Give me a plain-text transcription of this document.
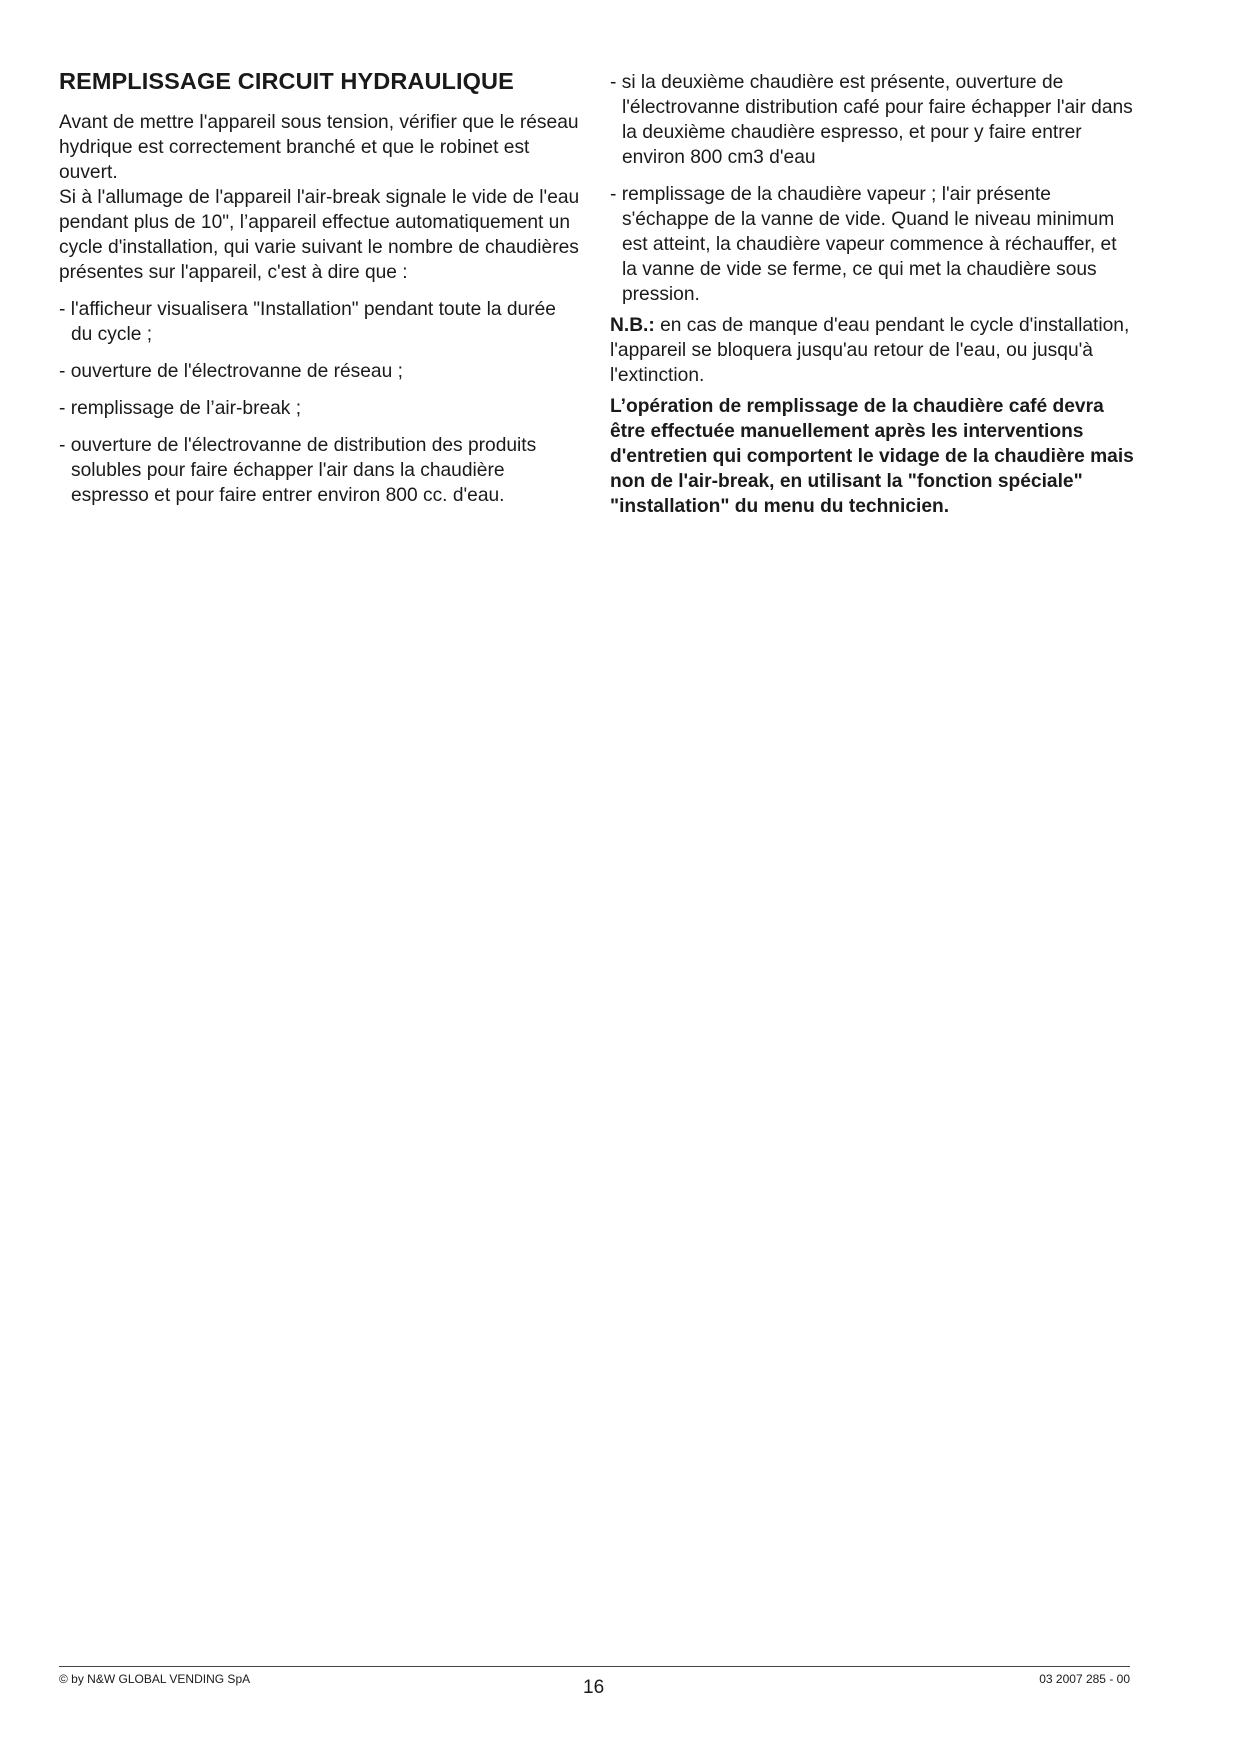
REMPLISSAGE CIRCUIT HYDRAULIQUE

Avant de mettre l'appareil sous tension, vérifier que le réseau hydrique est correctement branché et que le robinet est ouvert.

Si à l'allumage de l'appareil l'air-break signale le vide de l'eau pendant plus de 10", l’appareil effectue automatiquement un cycle d'installation, qui varie suivant le nombre de chaudières présentes sur l'appareil, c'est à dire que :

- l'afficheur visualisera "Installation" pendant toute la durée du cycle ;

- ouverture de l'électrovanne de réseau ;

- remplissage de l’air-break ;

- ouverture de l'électrovanne de distribution des produits solubles pour faire échapper l'air dans la chaudière espresso et pour faire entrer environ 800 cc. d'eau.

- si la deuxième chaudière est présente, ouverture de l'électrovanne distribution café pour faire échapper l'air dans la deuxième chaudière espresso, et pour y faire entrer environ 800 cm3 d'eau

- remplissage de la chaudière vapeur ; l'air présente s'échappe de la vanne de vide. Quand le niveau minimum est atteint, la chaudière vapeur commence à réchauffer, et la vanne de vide se ferme, ce qui met la chaudière sous pression.

N.B.: en cas de manque d'eau pendant le cycle d'installation, l'appareil se bloquera jusqu'au retour de l'eau, ou jusqu'à l'extinction.

L’opération de remplissage de la chaudière café devra être effectuée manuellement après les interventions d'entretien qui comportent le vidage de la chaudière mais non de l'air-break, en utilisant la "fonction spéciale" "installation" du menu du technicien.

© by N&W GLOBAL VENDING SpA	16	03 2007 285 - 00
